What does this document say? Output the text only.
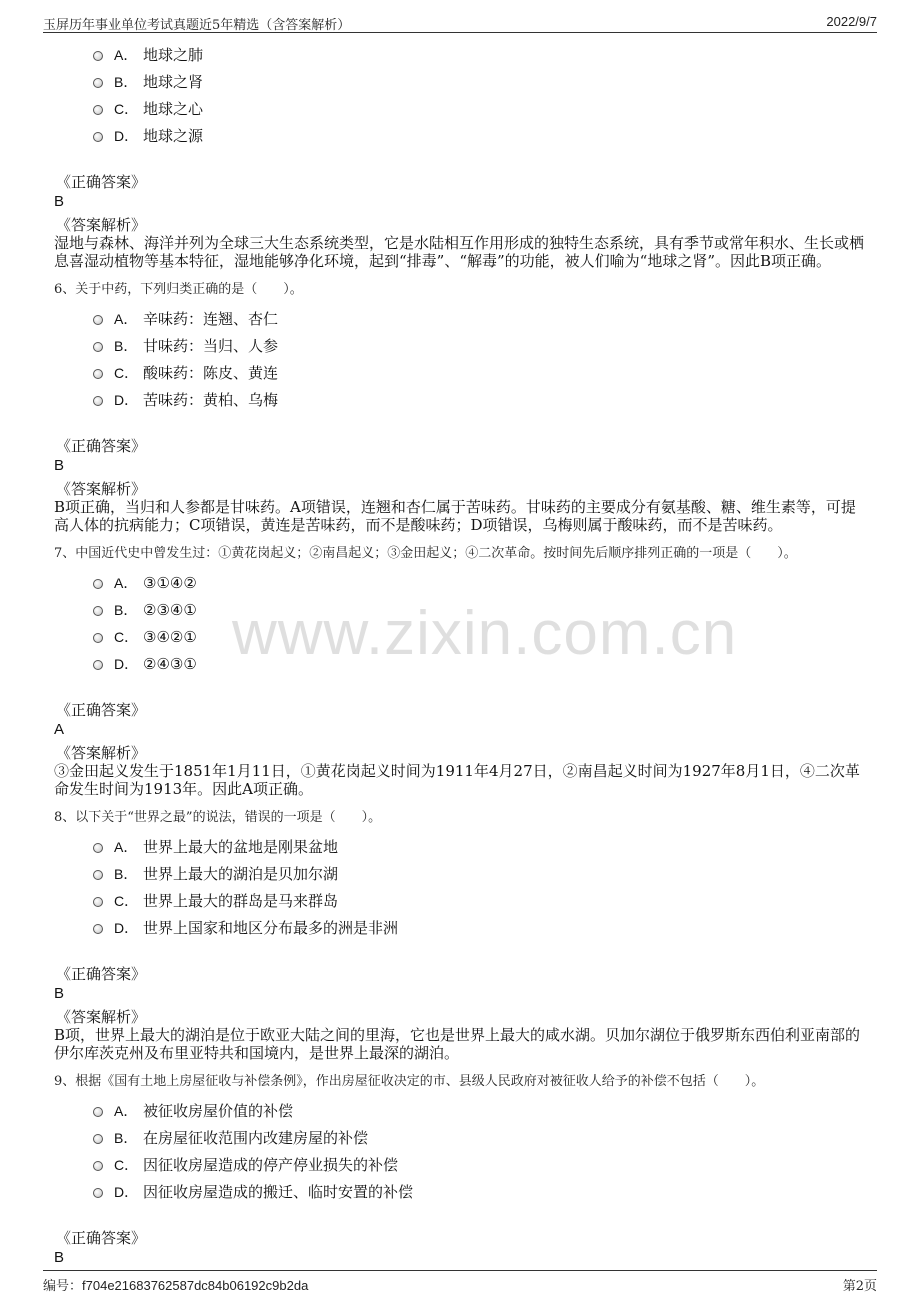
玉屏历年事业单位考试真题近5年精选（含答案解析）	2022/9/7
www.zixin.com.cn
A． 地球之肺
B． 地球之肾
C． 地球之心
D． 地球之源
《正确答案》
B
《答案解析》
湿地与森林、海洋并列为全球三大生态系统类型，它是水陆相互作用形成的独特生态系统，具有季节或常年积水、生长或栖息喜湿动植物等基本特征，湿地能够净化环境，起到“排毒”、“解毒”的功能，被人们喻为“地球之肾”。因此B项正确。
6、关于中药，下列归类正确的是（　　）。
A． 辛味药：连翘、杏仁
B． 甘味药：当归、人参
C． 酸味药：陈皮、黄连
D． 苦味药：黄柏、乌梅
《正确答案》
B
《答案解析》
B项正确，当归和人参都是甘味药。A项错误，连翘和杏仁属于苦味药。甘味药的主要成分有氨基酸、糖、维生素等，可提高人体的抗病能力；C项错误，黄连是苦味药，而不是酸味药；D项错误，乌梅则属于酸味药，而不是苦味药。
7、中国近代史中曾发生过：①黄花岗起义；②南昌起义；③金田起义；④二次革命。按时间先后顺序排列正确的一项是（　　）。
A． ③①④②
B． ②③④①
C． ③④②①
D． ②④③①
《正确答案》
A
《答案解析》
③金田起义发生于1851年1月11日，①黄花岗起义时间为1911年4月27日，②南昌起义时间为1927年8月1日，④二次革命发生时间为1913年。因此A项正确。
8、以下关于“世界之最”的说法，错误的一项是（　　）。
A． 世界上最大的盆地是刚果盆地
B． 世界上最大的湖泊是贝加尔湖
C． 世界上最大的群岛是马来群岛
D． 世界上国家和地区分布最多的洲是非洲
《正确答案》
B
《答案解析》
B项，世界上最大的湖泊是位于欧亚大陆之间的里海，它也是世界上最大的咸水湖。贝加尔湖位于俄罗斯东西伯利亚南部的伊尔库茨克州及布里亚特共和国境内，是世界上最深的湖泊。
9、根据《国有土地上房屋征收与补偿条例》，作出房屋征收决定的市、县级人民政府对被征收人给予的补偿不包括（　　）。
A． 被征收房屋价值的补偿
B． 在房屋征收范围内改建房屋的补偿
C． 因征收房屋造成的停产停业损失的补偿
D． 因征收房屋造成的搬迁、临时安置的补偿
《正确答案》
B
编号：f704e21683762587dc84b06192c9b2da	第2页
